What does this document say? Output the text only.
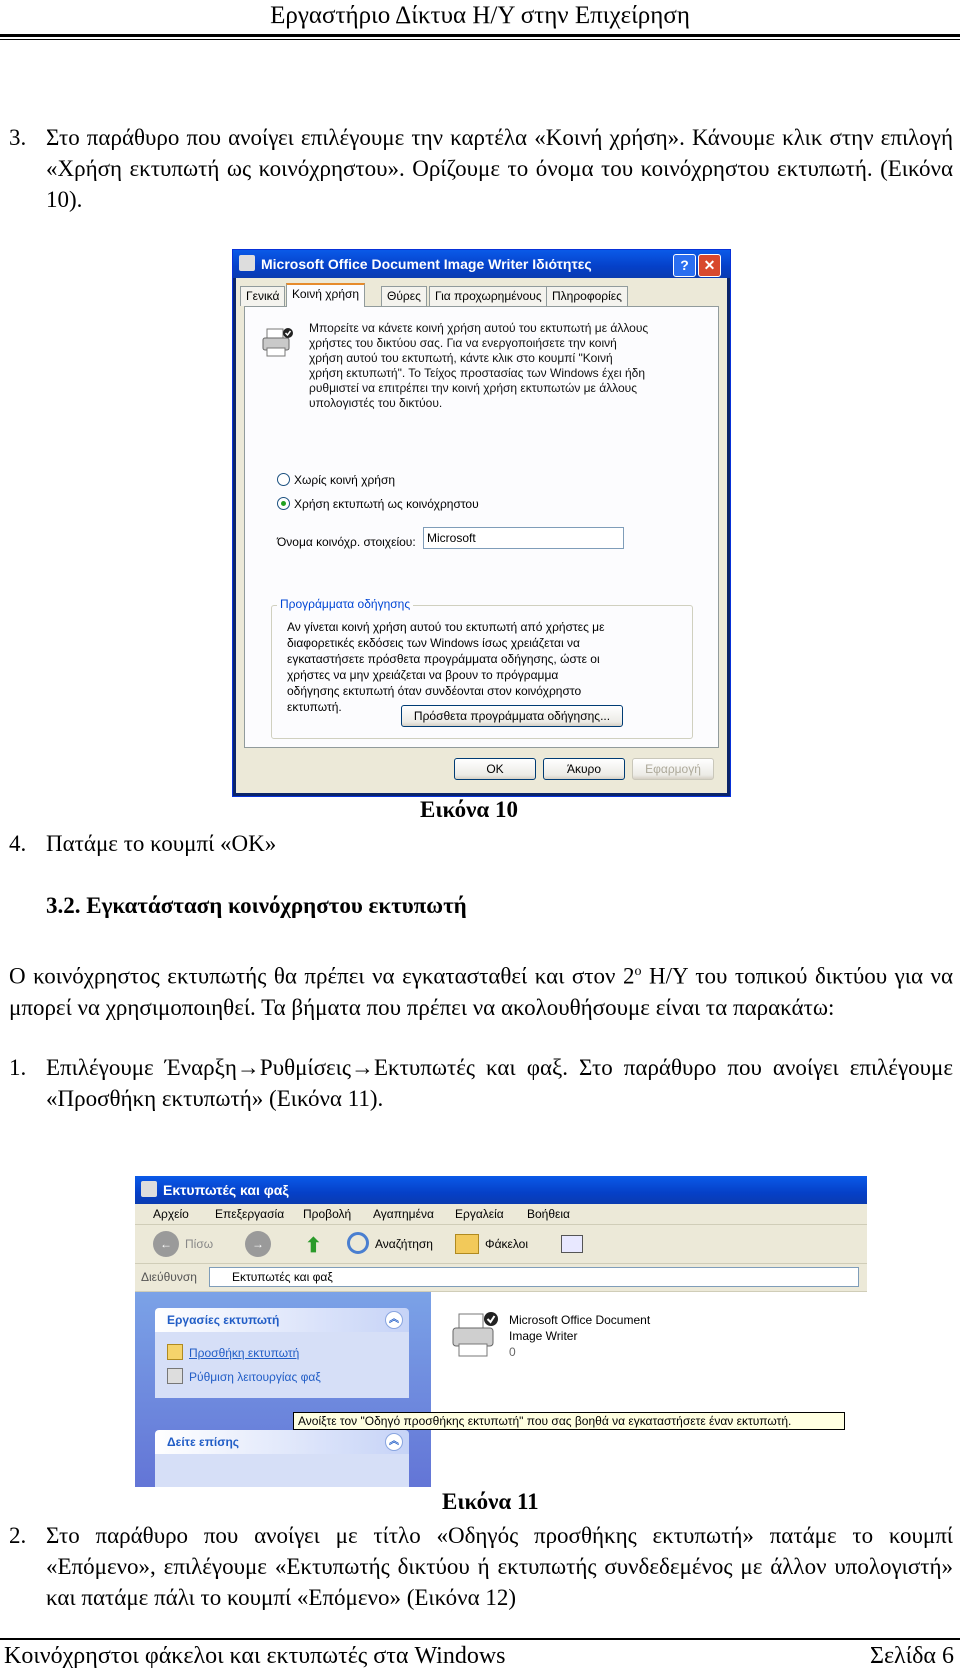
Εργαστήριο Δίκτυα Η/Υ στην Επιχείρηση
3. Στο παράθυρο που ανοίγει επιλέγουμε την καρτέλα «Κοινή χρήση». Κάνουμε κλικ στην επιλογή «Χρήση εκτυπωτή ως κοινόχρηστου». Ορίζουμε το όνομα του κοινόχρηστου εκτυπωτή. (Εικόνα 10).
Microsoft Office Document Image Writer Ιδιότητες	?	✕
Γενικά	Κοινή χρήση	Θύρες	Για προχωρημένους Πληροφορίες
Μπορείτε να κάνετε κοινή χρήση αυτού του εκτυπωτή με άλλους χρήστες του δικτύου σας. Για να ενεργοποιήσετε την κοινή χρήση αυτού του εκτυπωτή, κάντε κλικ στο κουμπί "Κοινή χρήση εκτυπωτή". Το Τείχος προστασίας των Windows έχει ήδη ρυθμιστεί να επιτρέπει την κοινή χρήση εκτυπωτών με άλλους υπολογιστές του δικτύου.
Χωρίς κοινή χρήση
Χρήση εκτυπωτή ως κοινόχρηστου
Όνομα κοινόχρ. στοιχείου: Microsoft
Προγράμματα οδήγησης
Αν γίνεται κοινή χρήση αυτού του εκτυπωτή από χρήστες με διαφορετικές εκδόσεις των Windows ίσως χρειάζεται να εγκαταστήσετε πρόσθετα προγράμματα οδήγησης, ώστε οι χρήστες να μην χρειάζεται να βρουν το πρόγραμμα οδήγησης εκτυπωτή όταν συνδέονται στον κοινόχρηστο εκτυπωτή.
Πρόσθετα προγράμματα οδήγησης...
OK	Άκυρο	Εφαρμογή
Εικόνα 10
4. Πατάμε το κουμπί «ΟΚ»
3.2. Εγκατάσταση κοινόχρηστου εκτυπωτή
Ο κοινόχρηστος εκτυπωτής θα πρέπει να εγκατασταθεί και στον $2^o$ Η/Υ του τοπικού δικτύου για να μπορεί να χρησιμοποιηθεί. Τα βήματα που πρέπει να ακολουθήσουμε είναι τα παρακάτω:
1. Επιλέγουμε Έναρξη→Ρυθμίσεις→Εκτυπωτές και φαξ. Στο παράθυρο που ανοίγει επιλέγουμε «Προσθήκη εκτυπωτή» (Εικόνα 11).
Εκτυπωτές και φαξ
Αρχείο Επεξεργασία Προβολή Αγαπημένα Εργαλεία Βοήθεια
←	Πίσω	→	⬆	Αναζήτηση	Φάκελοι
Διεύθυνση	Εκτυπωτές και φαξ
Εργασίες εκτυπωτή	︽
Προσθήκη εκτυπωτή
Ρύθμιση λειτουργίας φαξ
Δείτε επίσης	︽
Microsoft Office Document
Image Writer
0
Ανοίξτε τον "Οδηγό προσθήκης εκτυπωτή" που σας βοηθά να εγκαταστήσετε έναν εκτυπωτή.
Εικόνα 11
2. Στο παράθυρο που ανοίγει με τίτλο «Οδηγός προσθήκης εκτυπωτή» πατάμε το κουμπί «Επόμενο», επιλέγουμε «Εκτυπωτής δικτύου ή εκτυπωτής συνδεδεμένος με άλλον υπολογιστή» και πατάμε πάλι το κουμπί «Επόμενο» (Εικόνα 12)
Κοινόχρηστοι φάκελοι και εκτυπωτές στα Windows	Σελίδα 6
